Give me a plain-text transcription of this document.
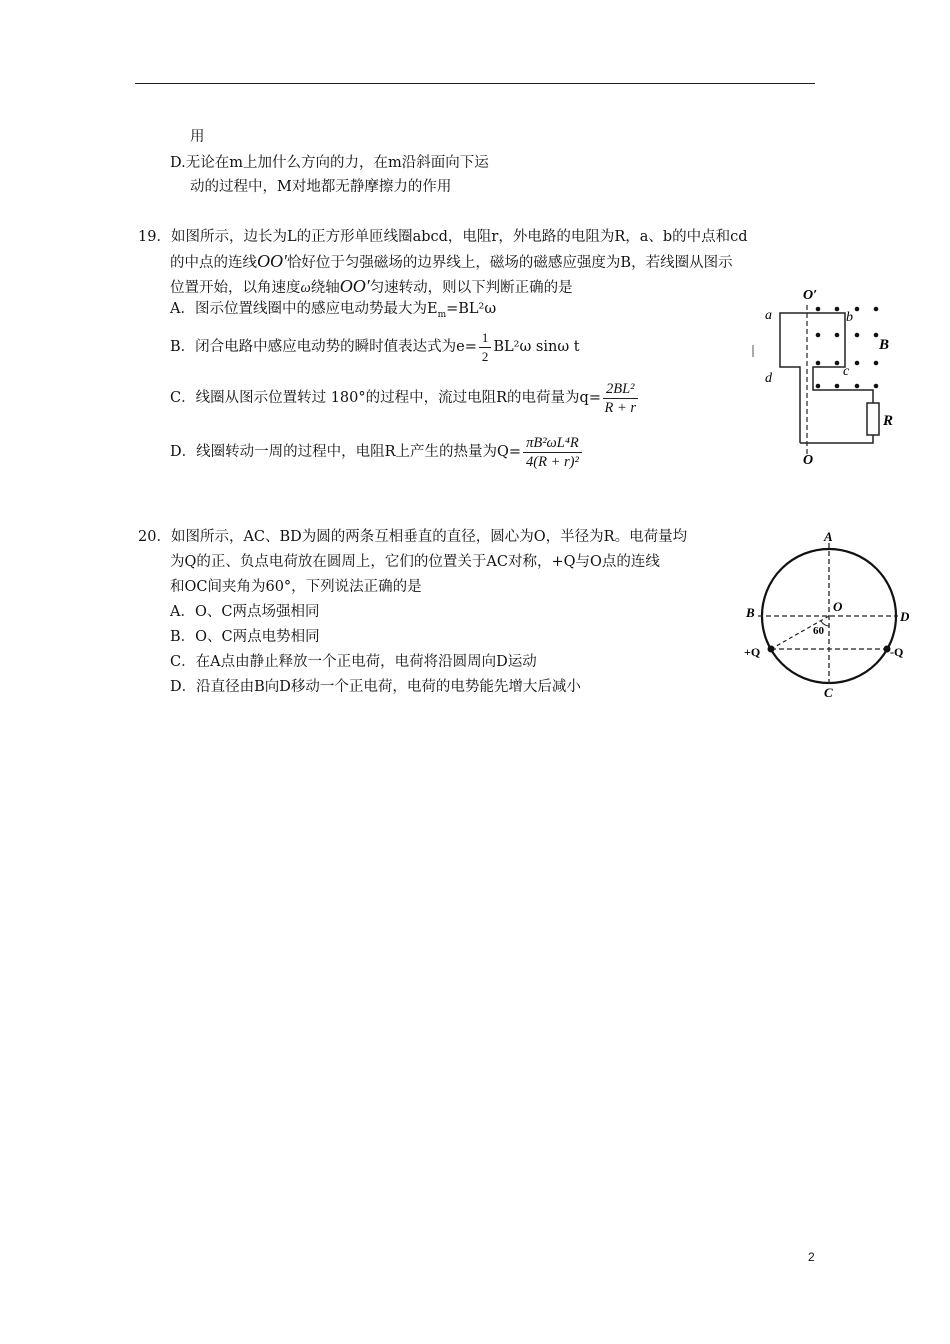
用
D.无论在m上加什么方向的力，在m沿斜面向下运
动的过程中，M对地都无静摩擦力的作用
19．如图所示，边长为L的正方形单匝线圈abcd，电阻r，外电路的电阻为R，a、b的中点和cd
的中点的连线OO′恰好位于匀强磁场的边界线上，磁场的磁感应强度为B，若线圈从图示
位置开始，以角速度ω绕轴OO′匀速转动，则以下判断正确的是
A．图示位置线圈中的感应电动势最大为$E_m=BL^2\omega$
B．闭合电路中感应电动势的瞬时值表达式为$e= \frac{1}{2} BL^2\omega$ sinω t
C．线圈从图示位置转过 180°的过程中，流过电阻R的电荷量为$q= \frac{\text{2BL²}}{R + r}$
D．线圈转动一周的过程中，电阻R上产生的热量为$Q= \frac{\text{πB²ωL⁴R}}{\text{4(R + r)²}}$
O′
O
a	b
c
d
B
R
20．如图所示，AC、BD为圆的两条互相垂直的直径，圆心为O，半径为R。电荷量均
为Q的正、负点电荷放在圆周上，它们的位置关于AC对称，+Q与O点的连线
和OC间夹角为60°，下列说法正确的是
A．O、C两点场强相同
B．O、C两点电势相同
C．在A点由静止释放一个正电荷，电荷将沿圆周向D运动
D．沿直径由B向D移动一个正电荷，电荷的电势能先增大后减小
A
C
B	D
O
60
+Q	-Q
2
